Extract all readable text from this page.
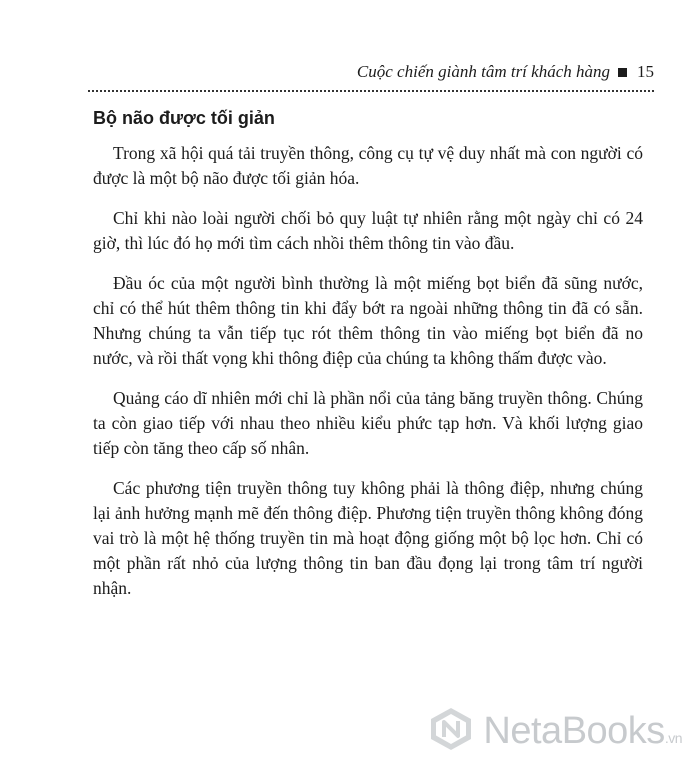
Cuộc chiến giành tâm trí khách hàng 15
Bộ não được tối giản

Trong xã hội quá tải truyền thông, công cụ tự vệ duy nhất mà con người có được là một bộ não được tối giản hóa.

Chỉ khi nào loài người chối bỏ quy luật tự nhiên rằng một ngày chỉ có 24 giờ, thì lúc đó họ mới tìm cách nhồi thêm thông tin vào đầu.

Đầu óc của một người bình thường là một miếng bọt biển đã sũng nước, chỉ có thể hút thêm thông tin khi đẩy bớt ra ngoài những thông tin đã có sẵn. Nhưng chúng ta vẫn tiếp tục rót thêm thông tin vào miếng bọt biển đã no nước, và rồi thất vọng khi thông điệp của chúng ta không thấm được vào.

Quảng cáo dĩ nhiên mới chỉ là phần nổi của tảng băng truyền thông. Chúng ta còn giao tiếp với nhau theo nhiều kiểu phức tạp hơn. Và khối lượng giao tiếp còn tăng theo cấp số nhân.

Các phương tiện truyền thông tuy không phải là thông điệp, nhưng chúng lại ảnh hưởng mạnh mẽ đến thông điệp. Phương tiện truyền thông không đóng vai trò là một hệ thống truyền tin mà hoạt động giống một bộ lọc hơn. Chỉ có một phần rất nhỏ của lượng thông tin ban đầu đọng lại trong tâm trí người nhận.

NetaBooks.vn
